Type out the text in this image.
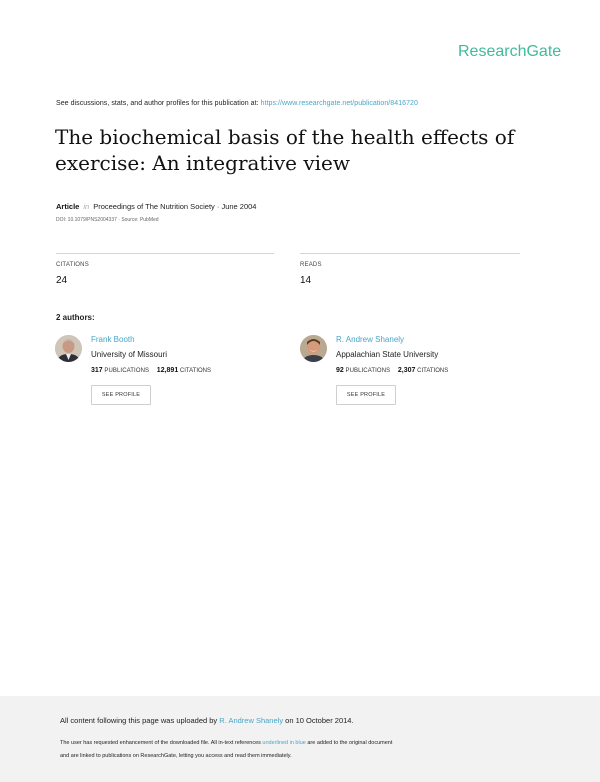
ResearchGate
See discussions, stats, and author profiles for this publication at: https://www.researchgate.net/publication/8416720
The biochemical basis of the health effects of exercise: An integrative view
Article in Proceedings of The Nutrition Society · June 2004
DOI: 10.1079/PNS2004337 · Source: PubMed
CITATIONS
24
READS
14
2 authors:
Frank Booth
University of Missouri
317 PUBLICATIONS 12,891 CITATIONS
SEE PROFILE
R. Andrew Shanely
Appalachian State University
92 PUBLICATIONS 2,307 CITATIONS
SEE PROFILE
All content following this page was uploaded by R. Andrew Shanely on 10 October 2014.
The user has requested enhancement of the downloaded file. All in-text references underlined in blue are added to the original document
and are linked to publications on ResearchGate, letting you access and read them immediately.
